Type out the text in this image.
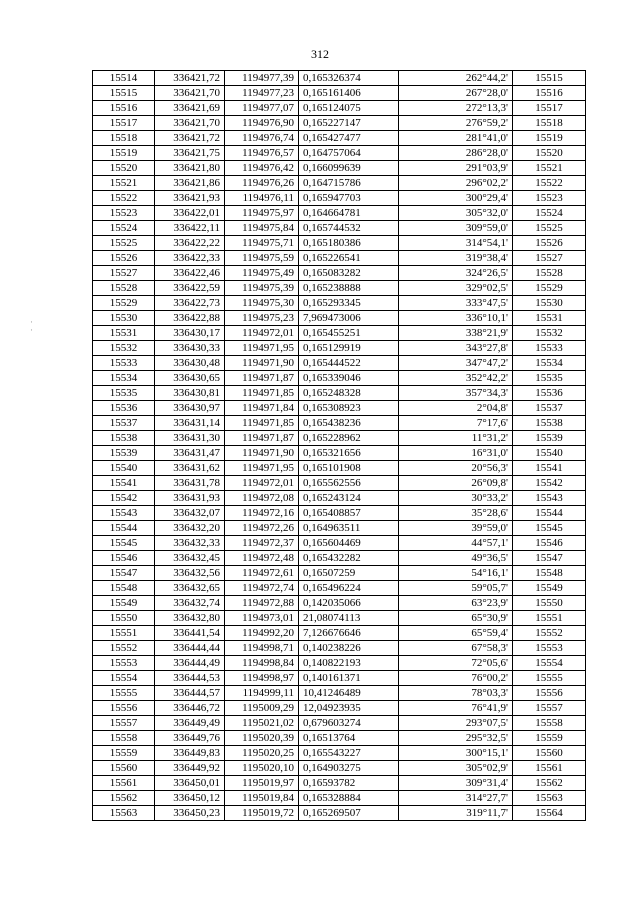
312
·
·
15514	336421,72	1194977,39	0,165326374	262°44,2'	15515
15515	336421,70	1194977,23	0,165161406	267°28,0'	15516
15516	336421,69	1194977,07	0,165124075	272°13,3'	15517
15517	336421,70	1194976,90	0,165227147	276°59,2'	15518
15518	336421,72	1194976,74	0,165427477	281°41,0'	15519
15519	336421,75	1194976,57	0,164757064	286°28,0'	15520
15520	336421,80	1194976,42	0,166099639	291°03,9'	15521
15521	336421,86	1194976,26	0,164715786	296°02,2'	15522
15522	336421,93	1194976,11	0,165947703	300°29,4'	15523
15523	336422,01	1194975,97	0,164664781	305°32,0'	15524
15524	336422,11	1194975,84	0,165744532	309°59,0'	15525
15525	336422,22	1194975,71	0,165180386	314°54,1'	15526
15526	336422,33	1194975,59	0,165226541	319°38,4'	15527
15527	336422,46	1194975,49	0,165083282	324°26,5'	15528
15528	336422,59	1194975,39	0,165238888	329°02,5'	15529
15529	336422,73	1194975,30	0,165293345	333°47,5'	15530
15530	336422,88	1194975,23	7,969473006	336°10,1'	15531
15531	336430,17	1194972,01	0,165455251	338°21,9'	15532
15532	336430,33	1194971,95	0,165129919	343°27,8'	15533
15533	336430,48	1194971,90	0,165444522	347°47,2'	15534
15534	336430,65	1194971,87	0,165339046	352°42,2'	15535
15535	336430,81	1194971,85	0,165248328	357°34,3'	15536
15536	336430,97	1194971,84	0,165308923	2°04,8'	15537
15537	336431,14	1194971,85	0,165438236	7°17,6'	15538
15538	336431,30	1194971,87	0,165228962	11°31,2'	15539
15539	336431,47	1194971,90	0,165321656	16°31,0'	15540
15540	336431,62	1194971,95	0,165101908	20°56,3'	15541
15541	336431,78	1194972,01	0,165562556	26°09,8'	15542
15542	336431,93	1194972,08	0,165243124	30°33,2'	15543
15543	336432,07	1194972,16	0,165408857	35°28,6'	15544
15544	336432,20	1194972,26	0,164963511	39°59,0'	15545
15545	336432,33	1194972,37	0,165604469	44°57,1'	15546
15546	336432,45	1194972,48	0,165432282	49°36,5'	15547
15547	336432,56	1194972,61	0,16507259	54°16,1'	15548
15548	336432,65	1194972,74	0,165496224	59°05,7'	15549
15549	336432,74	1194972,88	0,142035066	63°23,9'	15550
15550	336432,80	1194973,01	21,08074113	65°30,9'	15551
15551	336441,54	1194992,20	7,126676646	65°59,4'	15552
15552	336444,44	1194998,71	0,140238226	67°58,3'	15553
15553	336444,49	1194998,84	0,140822193	72°05,6'	15554
15554	336444,53	1194998,97	0,140161371	76°00,2'	15555
15555	336444,57	1194999,11	10,41246489	78°03,3'	15556
15556	336446,72	1195009,29	12,04923935	76°41,9'	15557
15557	336449,49	1195021,02	0,679603274	293°07,5'	15558
15558	336449,76	1195020,39	0,16513764	295°32,5'	15559
15559	336449,83	1195020,25	0,165543227	300°15,1'	15560
15560	336449,92	1195020,10	0,164903275	305°02,9'	15561
15561	336450,01	1195019,97	0,16593782	309°31,4'	15562
15562	336450,12	1195019,84	0,165328884	314°27,7'	15563
15563	336450,23	1195019,72	0,165269507	319°11,7'	15564
